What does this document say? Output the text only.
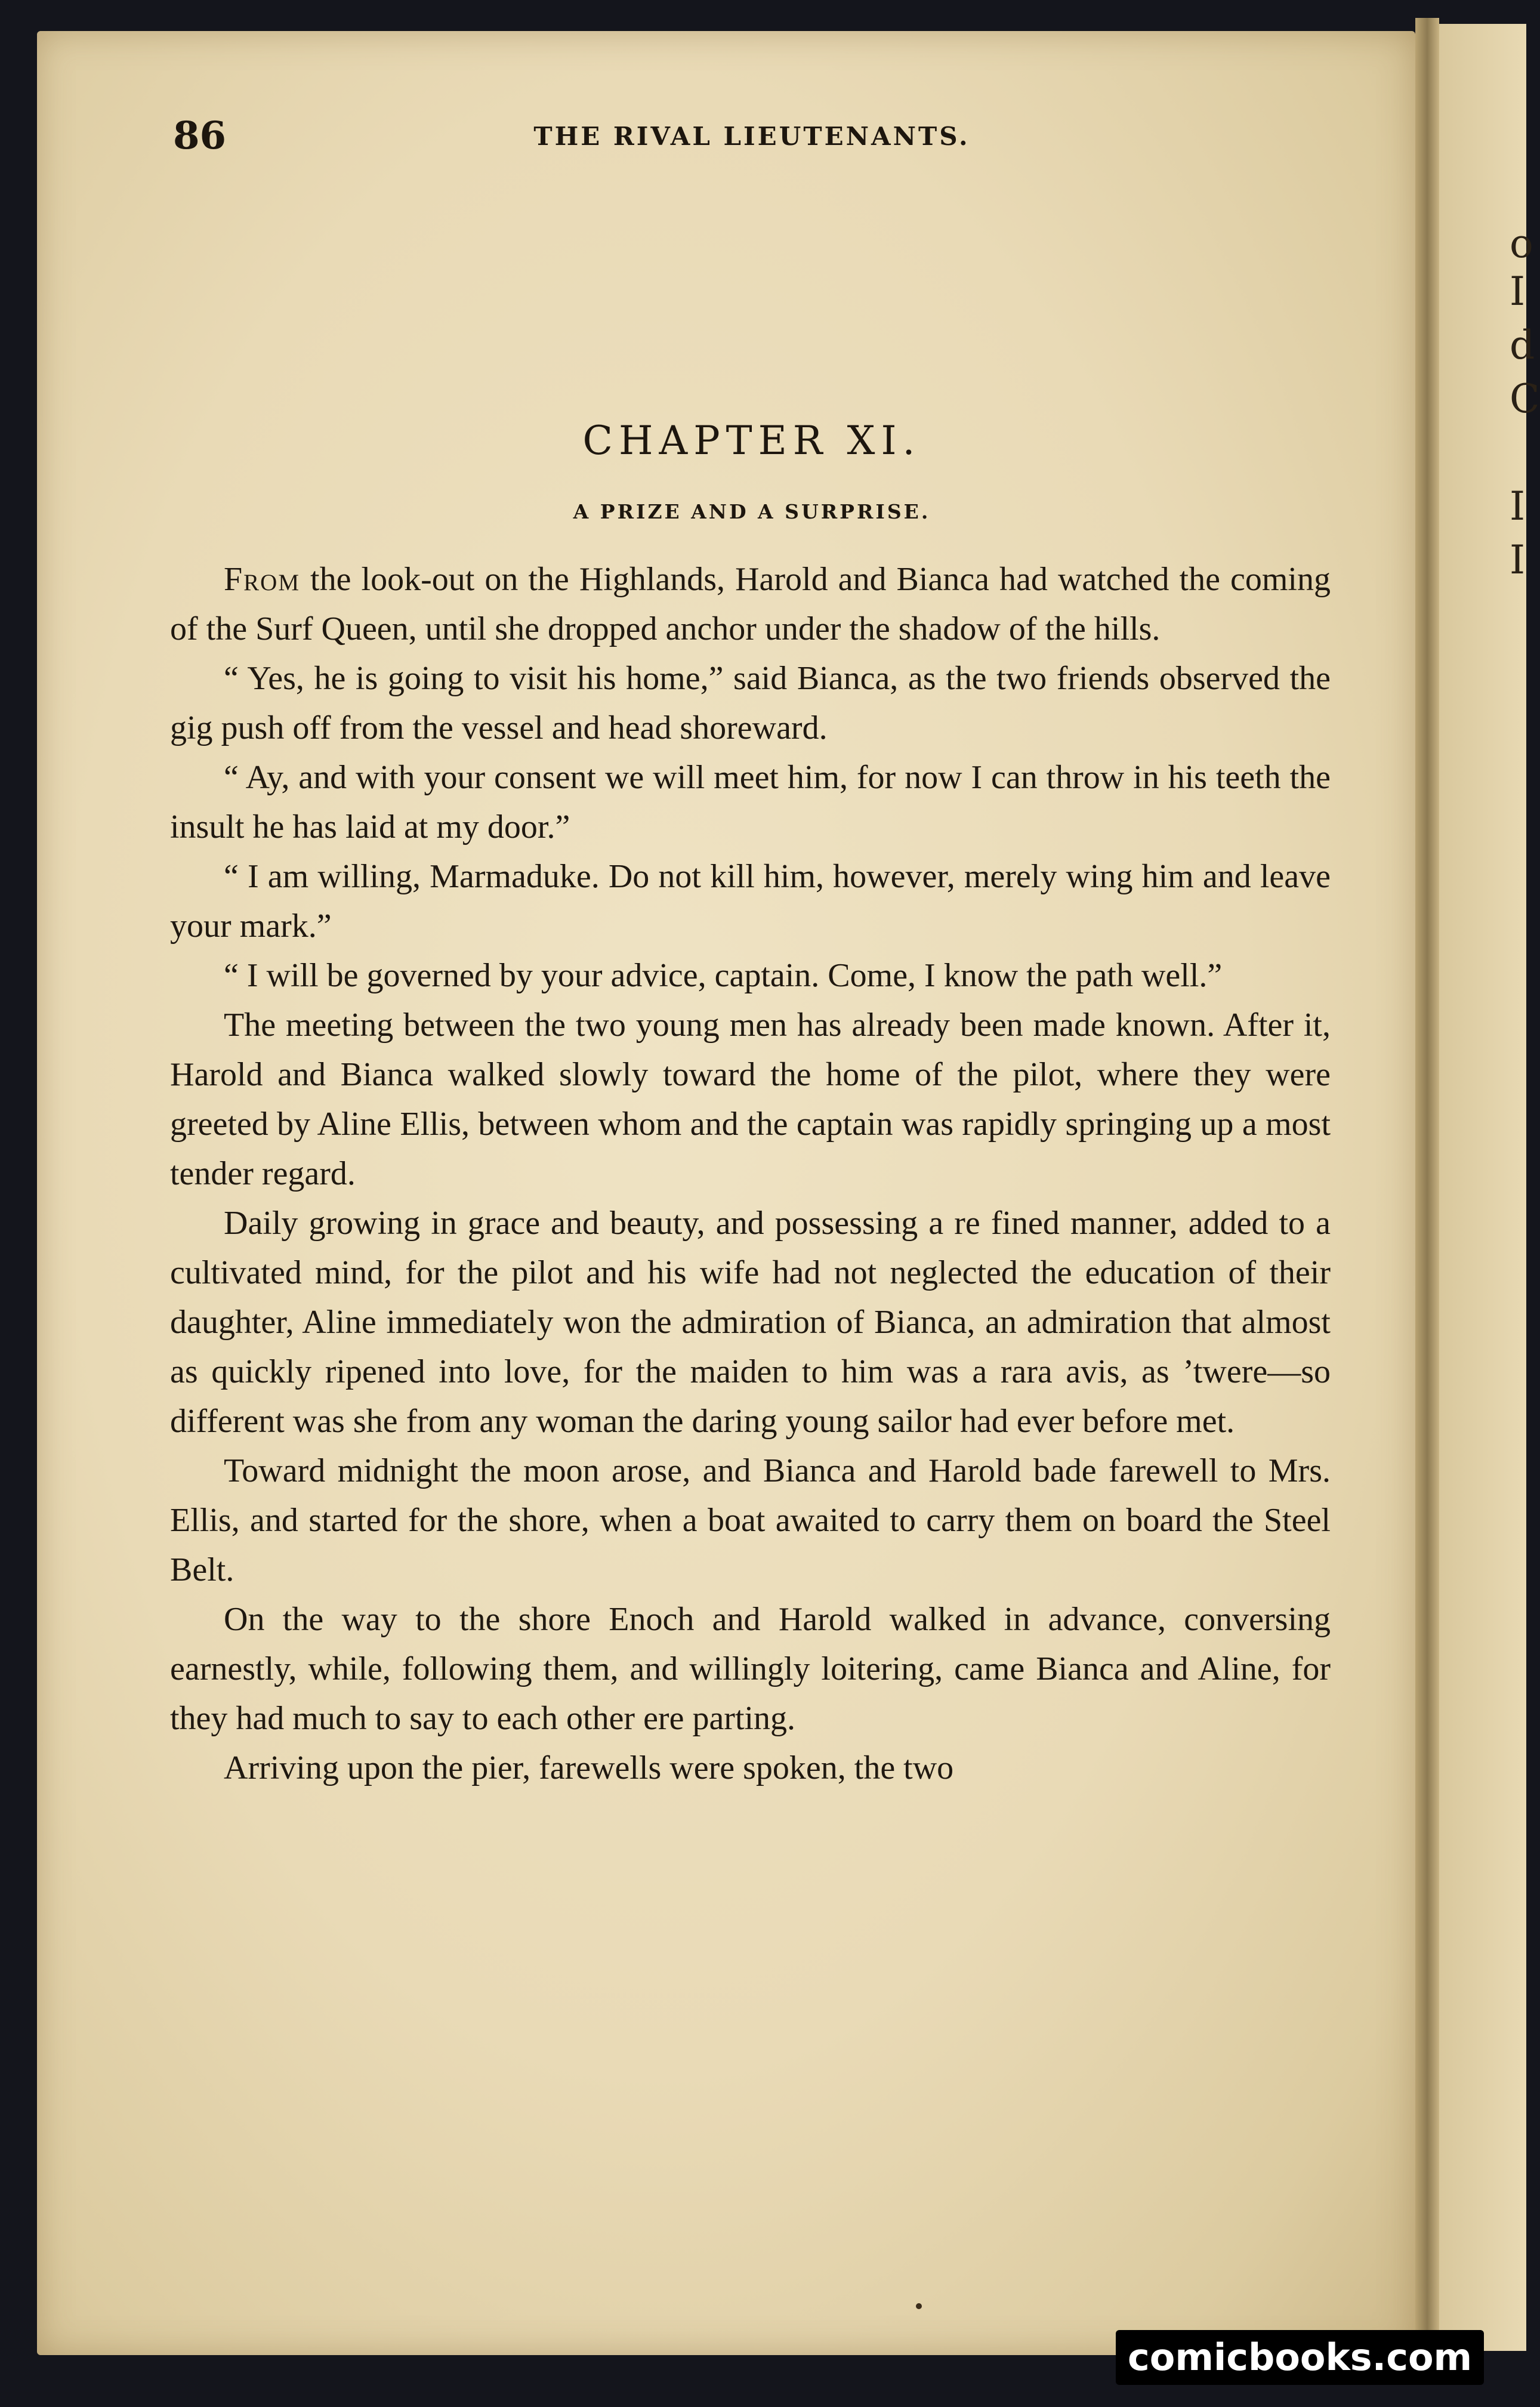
o
I
d
C
I
I
86	THE RIVAL LIEUTENANTS.
CHAPTER XI.
A PRIZE AND A SURPRISE.

From the look-out on the Highlands, Harold and Bianca had watched the coming of the Surf Queen, until she dropped anchor under the shadow of the hills.

“ Yes, he is going to visit his home,” said Bianca, as the two friends observed the gig push off from the vessel and head shoreward.

“ Ay, and with your consent we will meet him, for now I can throw in his teeth the insult he has laid at my door.”

“ I am willing, Marmaduke. Do not kill him, however, merely wing him and leave your mark.”

“ I will be governed by your advice, captain. Come, I know the path well.”

The meeting between the two young men has already been made known. After it, Harold and Bianca walked slowly toward the home of the pilot, where they were greeted by Aline Ellis, between whom and the captain was rapidly springing up a most tender regard.

Daily growing in grace and beauty, and possessing a re fined manner, added to a cultivated mind, for the pilot and his wife had not neglected the education of their daughter, Aline immediately won the admiration of Bianca, an admiration that almost as quickly ripened into love, for the maiden to him was a rara avis, as ’twere—so different was she from any woman the daring young sailor had ever before met.

Toward midnight the moon arose, and Bianca and Harold bade farewell to Mrs. Ellis, and started for the shore, when a boat awaited to carry them on board the Steel Belt.

On the way to the shore Enoch and Harold walked in advance, conversing earnestly, while, following them, and willingly loitering, came Bianca and Aline, for they had much to say to each other ere parting.

Arriving upon the pier, farewells were spoken, the two

comicbooks.com
